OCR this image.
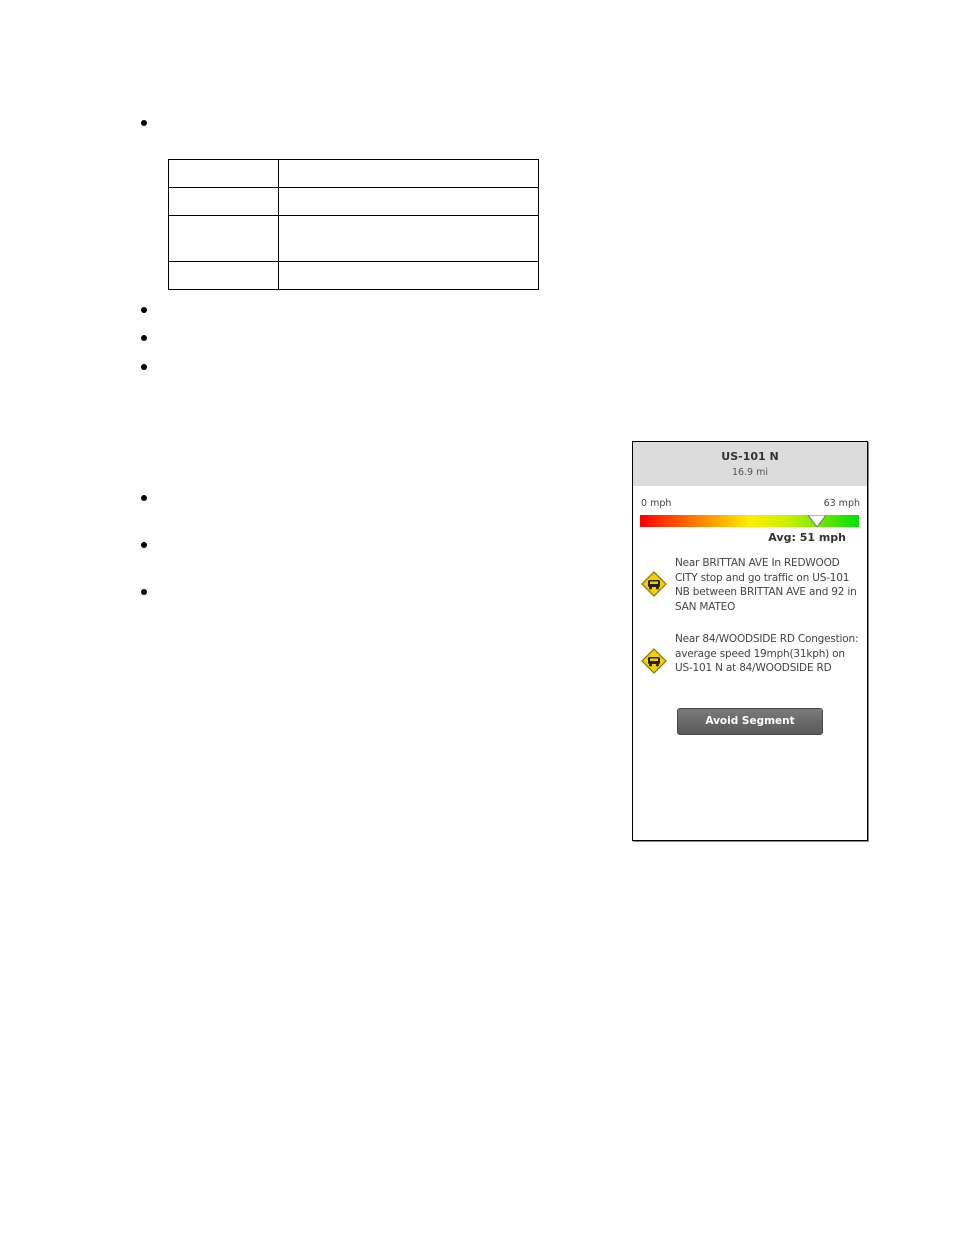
US-101 N
16.9 mi
0 mph	63 mph
Avg: 51 mph
Near BRITTAN AVE In REDWOOD CITY stop and go traffic on US-101 NB between BRITTAN AVE and 92 in SAN MATEO
Near 84/WOODSIDE RD Congestion: average speed 19mph(31kph) on US-101 N at 84/WOODSIDE RD
Avoid Segment
